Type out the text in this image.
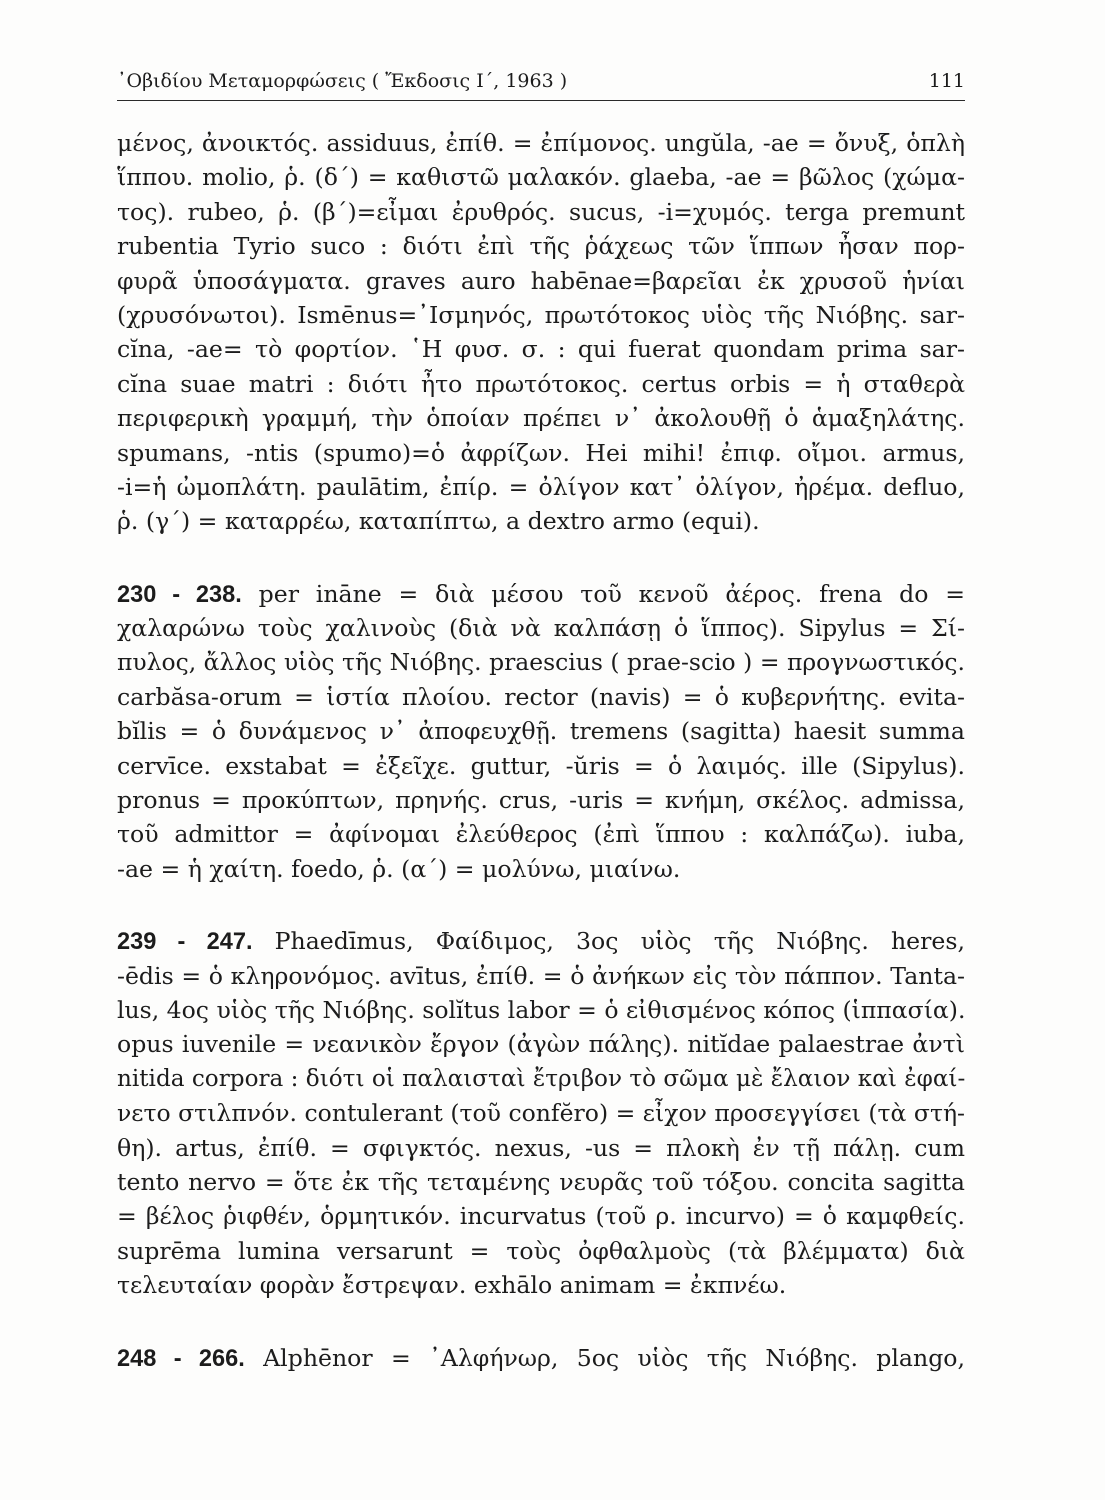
᾿Οβιδίου Μεταμορφώσεις ( Ἔκδοσις Ι΄, 1963 )	111
μένος, ἀνοικτός. assiduus, ἐπίθ. = ἐπίμονος. ungŭla, -ae = ὄνυξ, ὁπλὴ
ἵππου. molio, ῥ. (δ΄) = καθιστῶ μαλακόν. glaeba, -ae = βῶλος (χώμα-
τος). rubeo, ῥ. (β΄)=εἶμαι ἐρυθρός. sucus, -i=χυμός. terga premunt
rubentia Tyrio suco : διότι ἐπὶ τῆς ῥάχεως τῶν ἵππων ἦσαν πορ-
φυρᾶ ὑποσάγματα. graves auro habēnae=βαρεῖαι ἐκ χρυσοῦ ἡνίαι
(χρυσόνωτοι). Ismēnus=᾿Ισμηνός, πρωτότοκος υἱὸς τῆς Νιόβης. sar-
cĭna, -ae= τὸ φορτίον. ῾Η φυσ. σ. : qui fuerat quondam prima sar-
cĭna suae matri : διότι ἦτο πρωτότοκος. certus orbis = ἡ σταθερὰ
περιφερικὴ γραμμή, τὴν ὁποίαν πρέπει ν᾿ ἀκολουθῇ ὁ ἁμαξηλάτης.
spumans, -ntis (spumo)=ὁ ἀφρίζων. Hei mihi! ἐπιφ. οἴμοι. armus,
-i=ἡ ὠμοπλάτη. paulātim, ἐπίρ. = ὀλίγον κατ᾿ ὀλίγον, ἠρέμα. defluo,
ῥ. (γ΄) = καταρρέω, καταπίπτω, a dextro armo (equi).
230 - 238. per ināne = διὰ μέσου τοῦ κενοῦ ἀέρος. frena do =
χαλαρώνω τοὺς χαλινοὺς (διὰ νὰ καλπάσῃ ὁ ἵππος). Sipylus = Σί-
πυλος, ἄλλος υἱὸς τῆς Νιόβης. praescius ( prae-scio ) = προγνωστικός.
carbăsa-orum = ἱστία πλοίου. rector (navis) = ὁ κυβερνήτης. evita-
bĭlis = ὁ δυνάμενος ν᾿ ἀποφευχθῇ. tremens (sagitta) haesit summa
cervīce. exstabat = ἐξεῖχε. guttur, -ŭris = ὁ λαιμός. ille (Sipylus).
pronus = προκύπτων, πρηνής. crus, -uris = κνήμη, σκέλος. admissa,
τοῦ admittor = ἀφίνομαι ἐλεύθερος (ἐπὶ ἵππου : καλπάζω). iuba,
-ae = ἡ χαίτη. foedo, ῥ. (α΄) = μολύνω, μιαίνω.
239 - 247. Phaedīmus, Φαίδιμος, 3ος υἱὸς τῆς Νιόβης. heres,
-ēdis = ὁ κληρονόμος. avītus, ἐπίθ. = ὁ ἀνήκων εἰς τὸν πάππον. Tanta-
lus, 4ος υἱὸς τῆς Νιόβης. solĭtus labor = ὁ εἰθισμένος κόπος (ἱππασία).
opus iuvenile = νεανικὸν ἔργον (ἀγὼν πάλης). nitĭdae palaestrae ἀντὶ
nitida corpora : διότι οἱ παλαισταὶ ἔτριβον τὸ σῶμα μὲ ἔλαιον καὶ ἐφαί-
νετο στιλπνόν. contulerant (τοῦ confĕro) = εἶχον προσεγγίσει (τὰ στή-
θη). artus, ἐπίθ. = σφιγκτός. nexus, -us = πλοκὴ ἐν τῇ πάλῃ. cum
tento nervo = ὅτε ἐκ τῆς τεταμένης νευρᾶς τοῦ τόξου. concita sagitta
= βέλος ῥιφθέν, ὁρμητικόν. incurvatus (τοῦ ρ. incurvo) = ὁ καμφθείς.
suprēma lumina versarunt = τοὺς ὀφθαλμοὺς (τὰ βλέμματα) διὰ
τελευταίαν φορὰν ἔστρεψαν. exhālo animam = ἐκπνέω.
248 - 266. Alphēnor = ᾿Αλφήνωρ, 5ος υἱὸς τῆς Νιόβης. plango,
